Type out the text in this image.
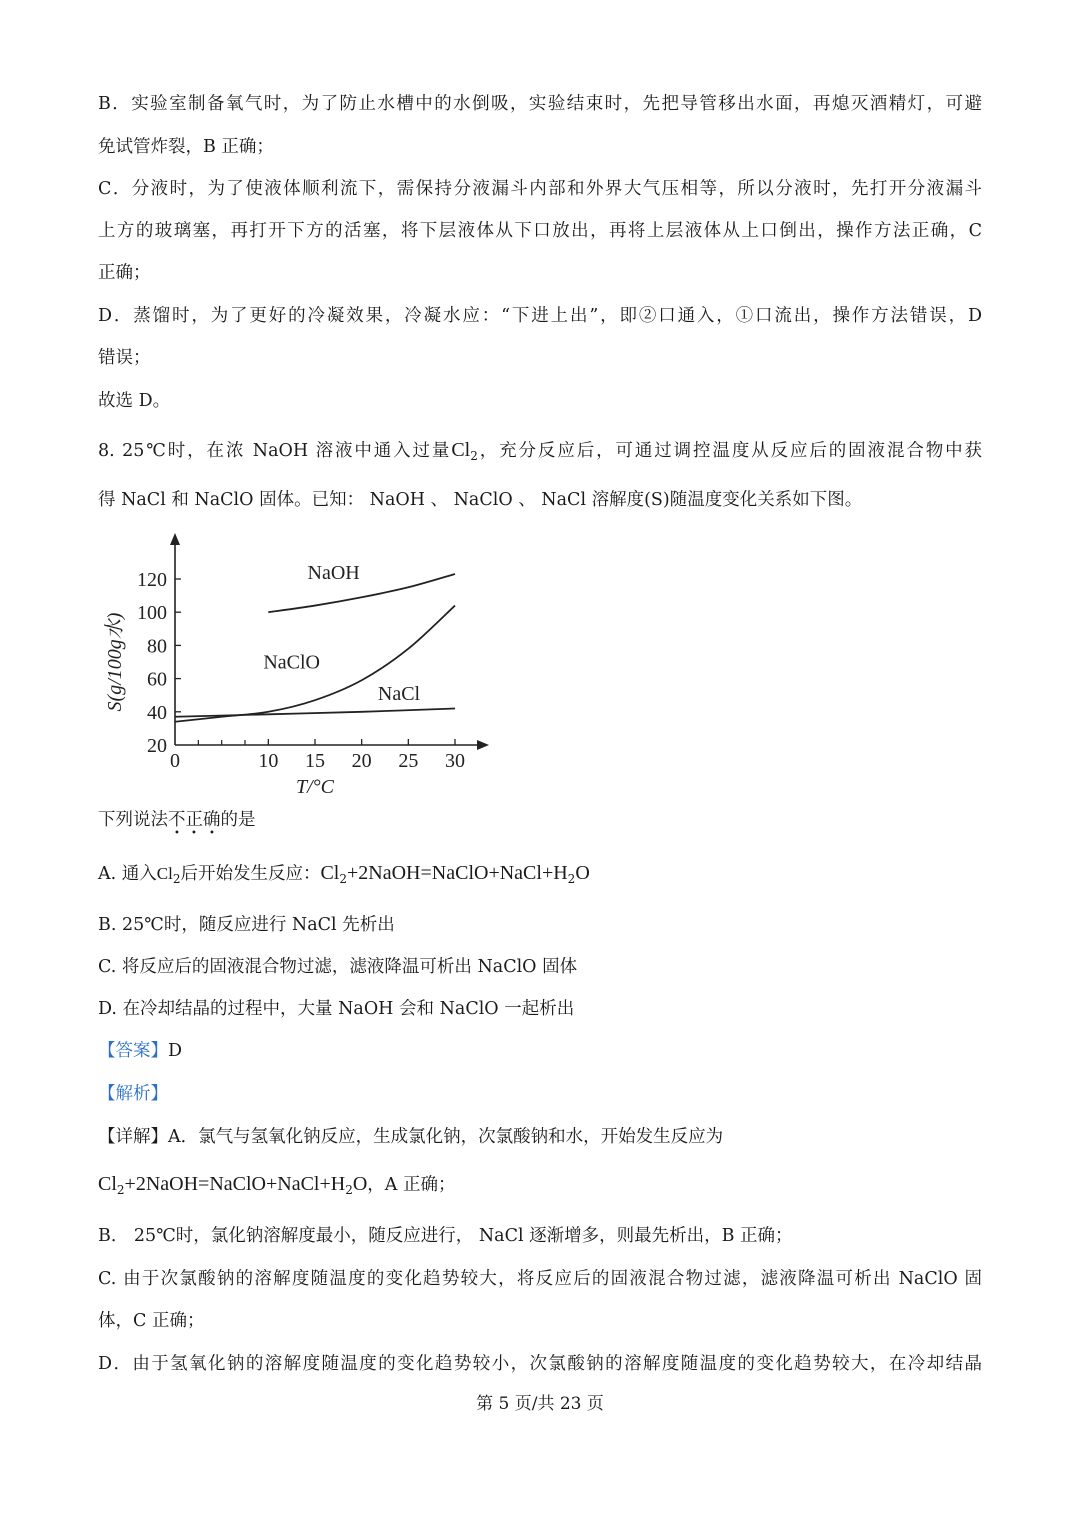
B．实验室制备氧气时，为了防止水槽中的水倒吸，实验结束时，先把导管移出水面，再熄灭酒精灯，可避
免试管炸裂，B 正确；
C．分液时，为了使液体顺利流下，需保持分液漏斗内部和外界大气压相等，所以分液时，先打开分液漏斗
上方的玻璃塞，再打开下方的活塞，将下层液体从下口放出，再将上层液体从上口倒出，操作方法正确，C
正确；
D．蒸馏时，为了更好的冷凝效果，冷凝水应：“下进上出”，即②口通入，①口流出，操作方法错误，D
错误；
故选 D。
8. 25℃时，在浓 NaOH 溶液中通入过量$Cl_2$，充分反应后，可通过调控温度从反应后的固液混合物中获
得 NaCl 和 NaClO 固体。已知： NaOH 、 NaClO 、 NaCl 溶解度(S)随温度变化关系如下图。
0	10 15 20 25 30
20
40
60
80
100
120
T/°C
S(g/100g水)
NaOH
NaClO
NaCl
下列说法不正确
• • •
的是
A. 通入$Cl_2$后开始发生反应：$Cl_2+2NaOH=NaClO+NaCl+H_2O$
B. 25℃时，随反应进行 NaCl 先析出
C. 将反应后的固液混合物过滤，滤液降温可析出 NaClO 固体
D. 在冷却结晶的过程中，大量 NaOH 会和 NaClO 一起析出
【答案】D
【解析】
【详解】A．氯气与氢氧化钠反应，生成氯化钠，次氯酸钠和水，开始发生反应为
$Cl_2+2NaOH=NaClO+NaCl+H_2O$，A 正确；
B． 25℃时，氯化钠溶解度最小，随反应进行， NaCl 逐渐增多，则最先析出，B 正确；
C. 由于次氯酸钠的溶解度随温度的变化趋势较大，将反应后的固液混合物过滤，滤液降温可析出 NaClO 固
体，C 正确；
D．由于氢氧化钠的溶解度随温度的变化趋势较小，次氯酸钠的溶解度随温度的变化趋势较大，在冷却结晶
第 5 页/共 23 页
